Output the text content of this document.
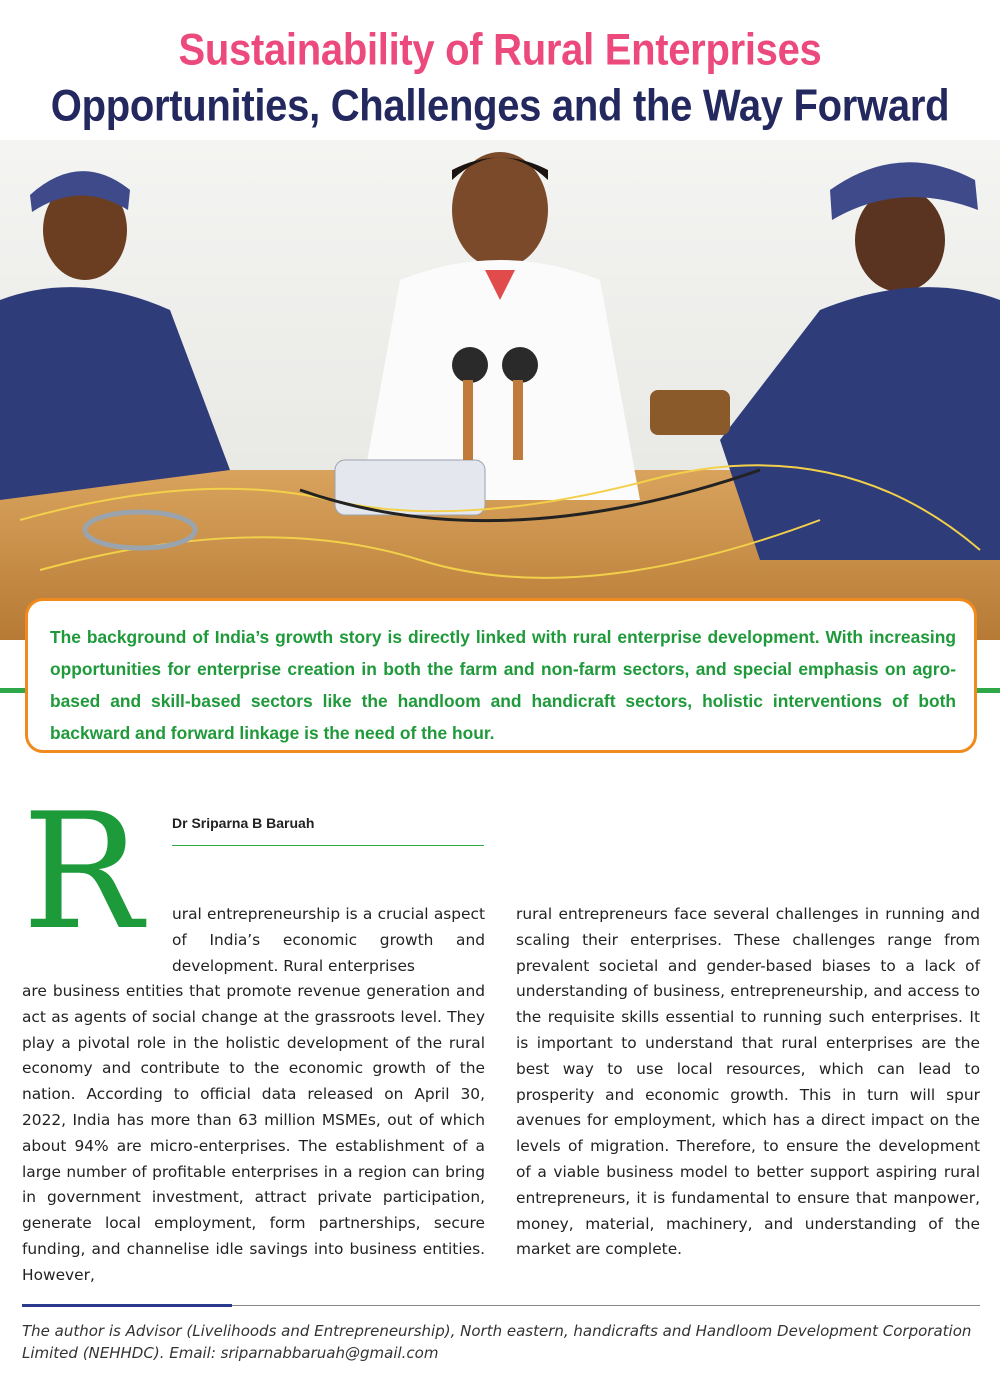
Sustainability of Rural Enterprises
Opportunities, Challenges and the Way Forward

The background of India’s growth story is directly linked with rural enterprise development. With increasing opportunities for enterprise creation in both the farm and non-farm sectors, and special emphasis on agro-based and skill-based sectors like the handloom and handicraft sectors, holistic interventions of both backward and forward linkage is the need of the hour.

R Dr Sriparna B Baruah

ural entrepreneurship is a crucial aspect of India’s economic growth and development. Rural enterprises

are business entities that promote revenue generation and act as agents of social change at the grassroots level. They play a pivotal role in the holistic development of the rural economy and contribute to the economic growth of the nation. According to official data released on April 30, 2022, India has more than 63 million MSMEs, out of which about 94% are micro-enterprises. The establishment of a large number of profitable enterprises in a region can bring in government investment, attract private participation, generate local employment, form partnerships, secure funding, and channelise idle savings into business entities. However,

rural entrepreneurs face several challenges in running and scaling their enterprises. These challenges range from prevalent societal and gender-based biases to a lack of understanding of business, entrepreneurship, and access to the requisite skills essential to running such enterprises. It is important to understand that rural enterprises are the best way to use local resources, which can lead to prosperity and economic growth. This in turn will spur avenues for employment, which has a direct impact on the levels of migration. Therefore, to ensure the development of a viable business model to better support aspiring rural entrepreneurs, it is fundamental to ensure that manpower, money, material, machinery, and understanding of the market are complete.

The author is Advisor (Livelihoods and Entrepreneurship), North eastern, handicrafts and Handloom Development Corporation Limited (NEHHDC). Email: sriparnabbaruah@gmail.com
